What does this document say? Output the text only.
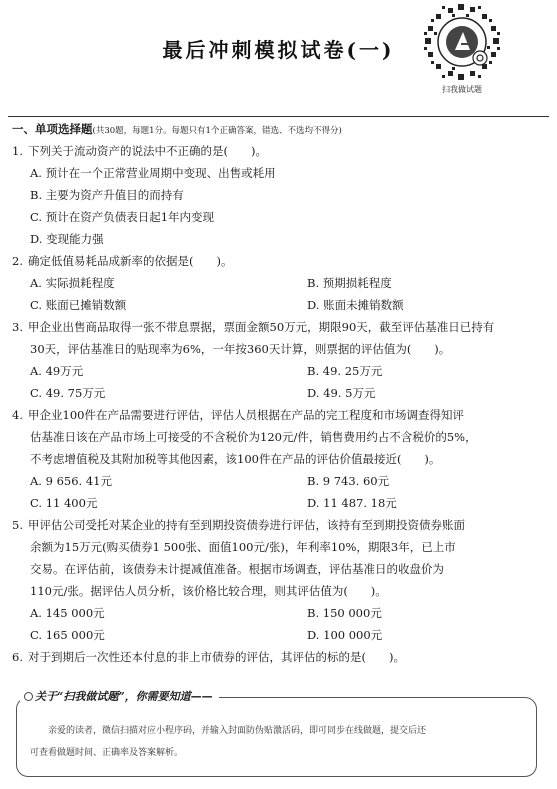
最后冲刺模拟试卷(一)
扫我做试题
一、单项选择题(共30题，每题1分。每题只有1个正确答案，错选、不选均不得分)
1. 下列关于流动资产的说法中不正确的是(　　)。
A. 预计在一个正常营业周期中变现、出售或耗用
B. 主要为资产升值目的而持有
C. 预计在资产负债表日起1年内变现
D. 变现能力强
2. 确定低值易耗品成新率的依据是(　　)。
A. 实际损耗程度	B. 预期损耗程度
C. 账面已摊销数额	D. 账面未摊销数额
3. 甲企业出售商品取得一张不带息票据，票面金额50万元，期限90天，截至评估基准日已持有
30天，评估基准日的贴现率为6%，一年按360天计算，则票据的评估值为(　　)。
A. 49万元	B. 49. 25万元
C. 49. 75万元	D. 49. 5万元
4. 甲企业100件在产品需要进行评估，评估人员根据在产品的完工程度和市场调查得知评
估基准日该在产品市场上可接受的不含税价为120元/件，销售费用约占不含税价的5%，
不考虑增值税及其附加税等其他因素，该100件在产品的评估价值最接近(　　)。
A. 9 656. 41元	B. 9 743. 60元
C. 11 400元	D. 11 487. 18元
5. 甲评估公司受托对某企业的持有至到期投资债券进行评估，该持有至到期投资债券账面
余额为15万元(购买债券1 500张、面值100元/张)，年利率10%，期限3年，已上市
交易。在评估前，该债券未计提减值准备。根据市场调查，评估基准日的收盘价为
110元/张。据评估人员分析，该价格比较合理，则其评估值为(　　)。
A. 145 000元	B. 150 000元
C. 165 000元	D. 100 000元
6. 对于到期后一次性还本付息的非上市债券的评估，其评估的标的是(　　)。
关于“扫我做试题”，你需要知道——
亲爱的读者，微信扫描对应小程序码，并输入封面防伪贴激活码，即可同步在线做题，提交后还
可查看做题时间、正确率及答案解析。
